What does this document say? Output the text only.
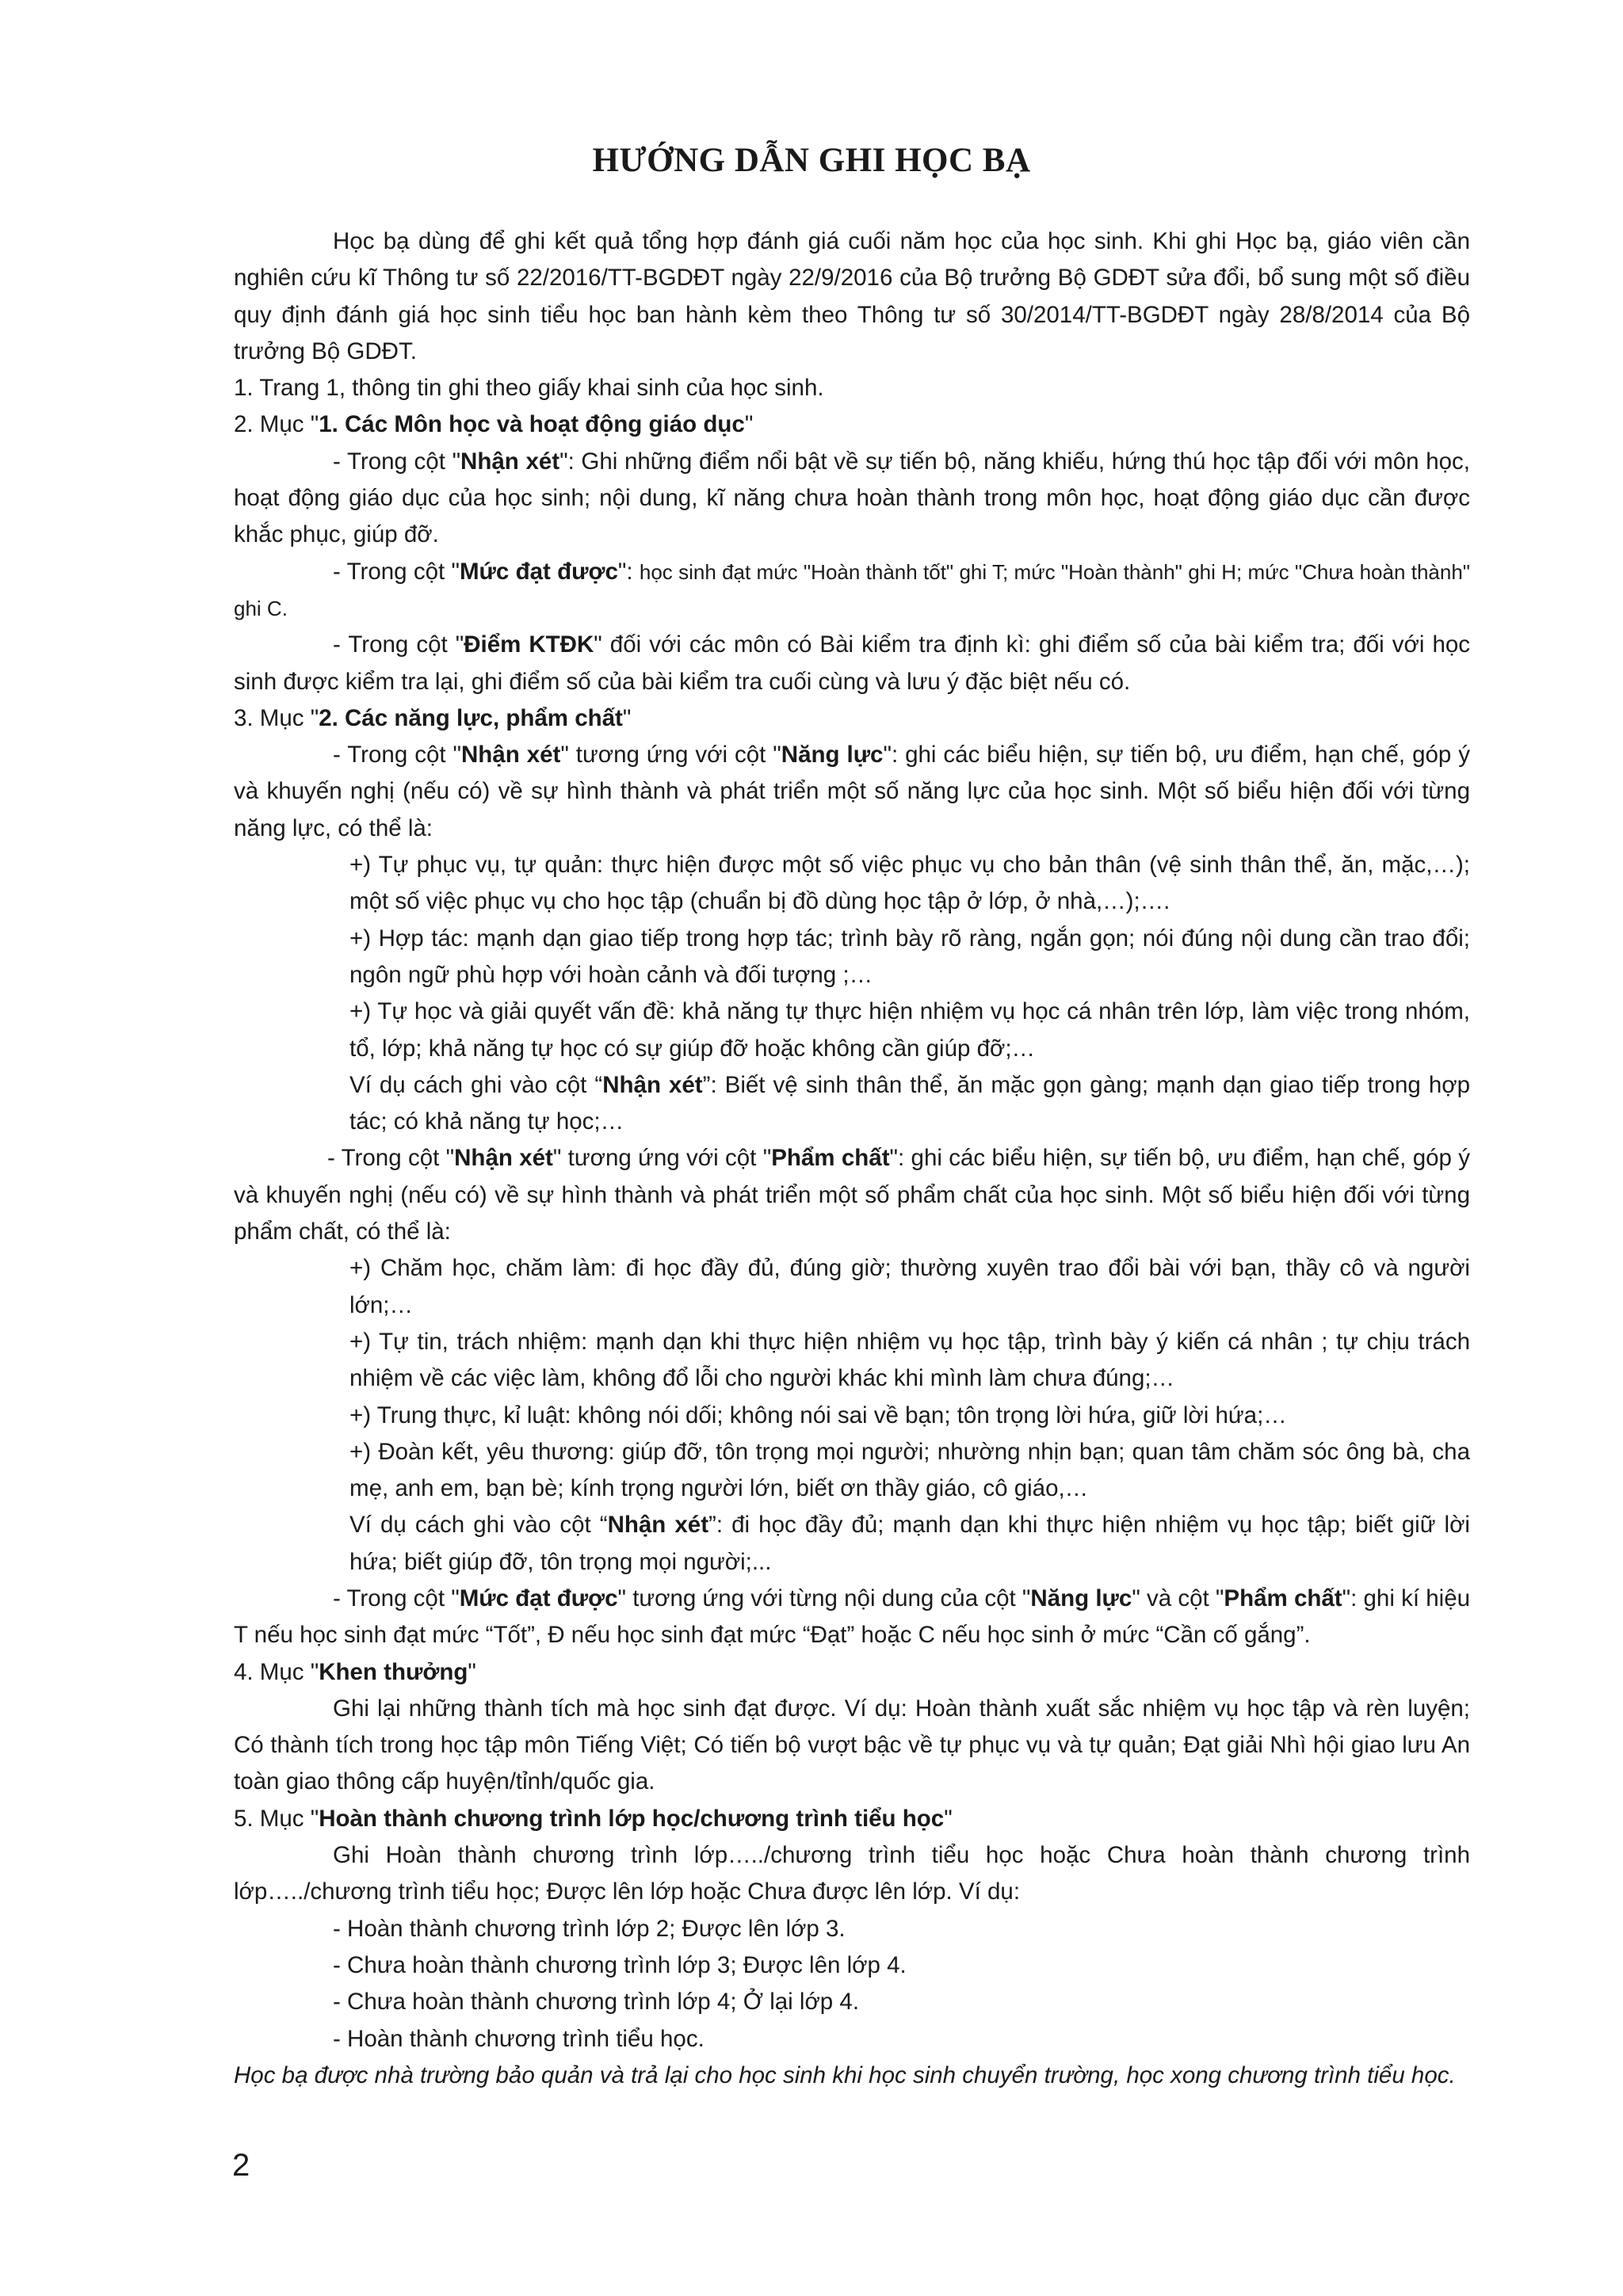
HƯỚNG DẪN GHI HỌC BẠ

Học bạ dùng để ghi kết quả tổng hợp đánh giá cuối năm học của học sinh. Khi ghi Học bạ, giáo viên cần nghiên cứu kĩ Thông tư số 22/2016/TT-BGDĐT ngày 22/9/2016 của Bộ trưởng Bộ GDĐT sửa đổi, bổ sung một số điều quy định đánh giá học sinh tiểu học ban hành kèm theo Thông tư số 30/2014/TT-BGDĐT ngày 28/8/2014 của Bộ trưởng Bộ GDĐT.

1. Trang 1, thông tin ghi theo giấy khai sinh của học sinh.

2. Mục "1. Các Môn học và hoạt động giáo dục"

- Trong cột "Nhận xét": Ghi những điểm nổi bật về sự tiến bộ, năng khiếu, hứng thú học tập đối với môn học, hoạt động giáo dục của học sinh; nội dung, kĩ năng chưa hoàn thành trong môn học, hoạt động giáo dục cần được khắc phục, giúp đỡ.

- Trong cột "Mức đạt được": học sinh đạt mức "Hoàn thành tốt" ghi T; mức "Hoàn thành" ghi H; mức "Chưa hoàn thành" ghi C.

- Trong cột "Điểm KTĐK" đối với các môn có Bài kiểm tra định kì: ghi điểm số của bài kiểm tra; đối với học sinh được kiểm tra lại, ghi điểm số của bài kiểm tra cuối cùng và lưu ý đặc biệt nếu có.

3. Mục "2. Các năng lực, phẩm chất"

- Trong cột "Nhận xét" tương ứng với cột "Năng lực": ghi các biểu hiện, sự tiến bộ, ưu điểm, hạn chế, góp ý và khuyến nghị (nếu có) về sự hình thành và phát triển một số năng lực của học sinh. Một số biểu hiện đối với từng năng lực, có thể là:

+) Tự phục vụ, tự quản: thực hiện được một số việc phục vụ cho bản thân (vệ sinh thân thể, ăn, mặc,…); một số việc phục vụ cho học tập (chuẩn bị đồ dùng học tập ở lớp, ở nhà,…);….

+) Hợp tác: mạnh dạn giao tiếp trong hợp tác; trình bày rõ ràng, ngắn gọn; nói đúng nội dung cần trao đổi; ngôn ngữ phù hợp với hoàn cảnh và đối tượng ;…

+) Tự học và giải quyết vấn đề: khả năng tự thực hiện nhiệm vụ học cá nhân trên lớp, làm việc trong nhóm, tổ, lớp; khả năng tự học có sự giúp đỡ hoặc không cần giúp đỡ;…

Ví dụ cách ghi vào cột “Nhận xét”: Biết vệ sinh thân thể, ăn mặc gọn gàng; mạnh dạn giao tiếp trong hợp tác; có khả năng tự học;…

- Trong cột "Nhận xét" tương ứng với cột "Phẩm chất": ghi các biểu hiện, sự tiến bộ, ưu điểm, hạn chế, góp ý và khuyến nghị (nếu có) về sự hình thành và phát triển một số phẩm chất của học sinh. Một số biểu hiện đối với từng phẩm chất, có thể là:

+) Chăm học, chăm làm: đi học đầy đủ, đúng giờ; thường xuyên trao đổi bài với bạn, thầy cô và người lớn;…

+) Tự tin, trách nhiệm: mạnh dạn khi thực hiện nhiệm vụ học tập, trình bày ý kiến cá nhân ; tự chịu trách nhiệm về các việc làm, không đổ lỗi cho người khác khi mình làm chưa đúng;…

+) Trung thực, kỉ luật: không nói dối; không nói sai về bạn; tôn trọng lời hứa, giữ lời hứa;…

+) Đoàn kết, yêu thương: giúp đỡ, tôn trọng mọi người; nhường nhịn bạn; quan tâm chăm sóc ông bà, cha mẹ, anh em, bạn bè; kính trọng người lớn, biết ơn thầy giáo, cô giáo,…

Ví dụ cách ghi vào cột “Nhận xét”: đi học đầy đủ; mạnh dạn khi thực hiện nhiệm vụ học tập; biết giữ lời hứa; biết giúp đỡ, tôn trọng mọi người;...

- Trong cột "Mức đạt được" tương ứng với từng nội dung của cột "Năng lực" và cột "Phẩm chất": ghi kí hiệu T nếu học sinh đạt mức “Tốt”, Đ nếu học sinh đạt mức “Đạt” hoặc C nếu học sinh ở mức “Cần cố gắng”.

4. Mục "Khen thưởng"

Ghi lại những thành tích mà học sinh đạt được. Ví dụ: Hoàn thành xuất sắc nhiệm vụ học tập và rèn luyện; Có thành tích trong học tập môn Tiếng Việt; Có tiến bộ vượt bậc về tự phục vụ và tự quản; Đạt giải Nhì hội giao lưu An toàn giao thông cấp huyện/tỉnh/quốc gia.

5. Mục "Hoàn thành chương trình lớp học/chương trình tiểu học"

Ghi Hoàn thành chương trình lớp…../chương trình tiểu học hoặc Chưa hoàn thành chương trình lớp…../chương trình tiểu học; Được lên lớp hoặc Chưa được lên lớp. Ví dụ:

- Hoàn thành chương trình lớp 2; Được lên lớp 3.

- Chưa hoàn thành chương trình lớp 3; Được lên lớp 4.

- Chưa hoàn thành chương trình lớp 4; Ở lại lớp 4.

- Hoàn thành chương trình tiểu học.

Học bạ được nhà trường bảo quản và trả lại cho học sinh khi học sinh chuyển trường, học xong chương trình tiểu học.

2
